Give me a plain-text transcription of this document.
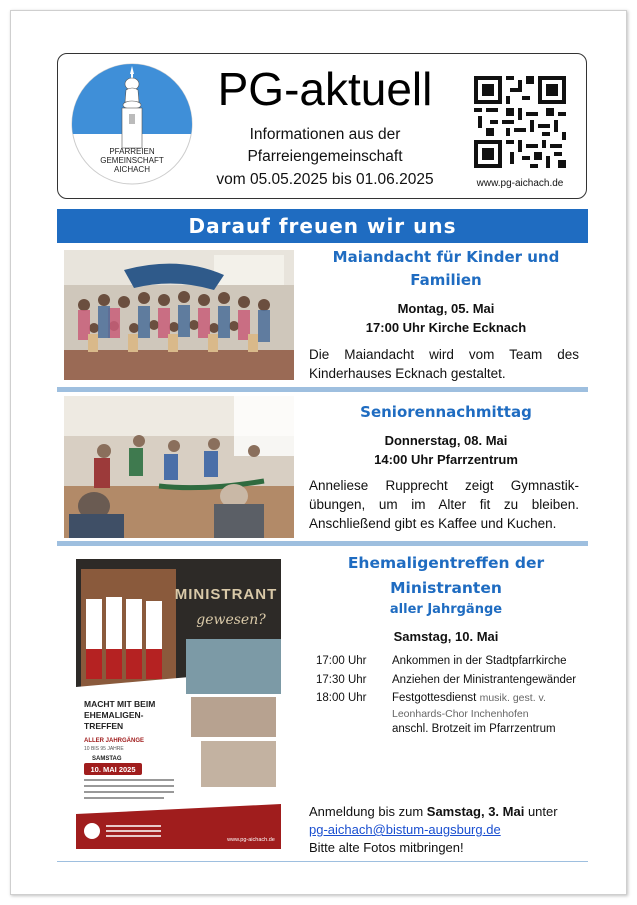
PFARREIEN
GEMEINSCHAFT
AICHACH
PG-aktuell
Informationen aus der
Pfarreiengemeinschaft
vom 05.05.2025 bis 01.06.2025	www.pg-aichach.de
Darauf freuen wir uns
Maiandacht für Kinder und
Familien
Montag, 05. Mai
17:00 Uhr Kirche Ecknach
Die Maiandacht wird vom Team des Kinderhauses Ecknach gestaltet.
Seniorennachmittag
Donnerstag, 08. Mai
14:00 Uhr Pfarrzentrum
Anneliese Rupprecht zeigt Gymnastik-übungen, um im Alter fit zu bleiben. Anschließend gibt es Kaffee und Kuchen.
MINISTRANT
gewesen?
MACHT MIT BEIM
EHEMALIGEN-
TREFFEN
ALLER JAHRGÄNGE
10 BIS 95 JAHRE
SAMSTAG
10. MAI 2025
www.pg-aichach.de
Ehemaligentreffen der
Ministranten
aller Jahrgänge
Samstag, 10. Mai
17:00 Uhr	Ankommen in der Stadtpfarrkirche
17:30 Uhr	Anziehen der Ministrantengewänder
18:00 Uhr	Festgottesdienst musik. gest. v. Leonhards-Chor Inchenhofen
anschl. Brotzeit im Pfarrzentrum
Anmeldung bis zum Samstag, 3. Mai unter
pg-aichach@bistum-augsburg.de
Bitte alte Fotos mitbringen!
